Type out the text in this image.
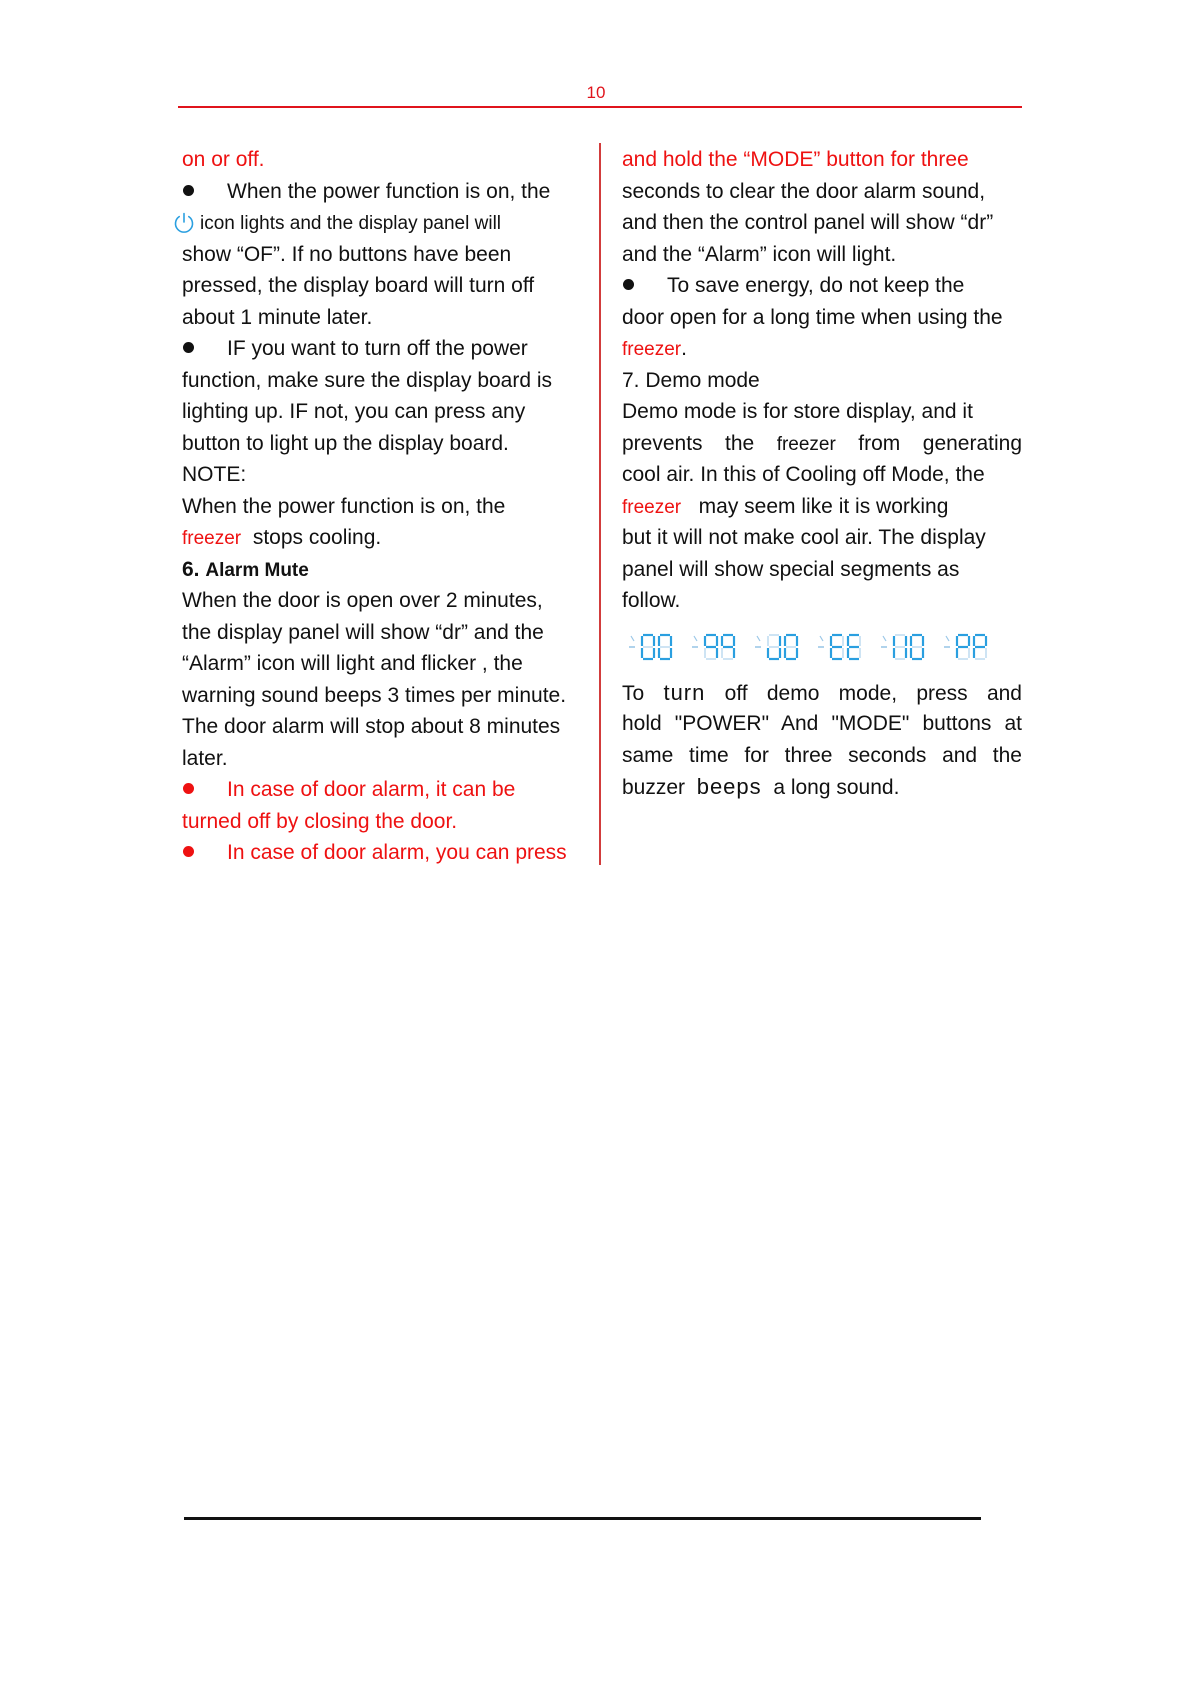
10
on or off.
When the power function is on, the
icon lights and the display panel will
show “OF”. If no buttons have been
pressed, the display board will turn off
about 1 minute later.
IF you want to turn off the power
function, make sure the display board is
lighting up. IF not, you can press any
button to light up the display board.
NOTE:
When the power function is on, the
freezer stops cooling.
6. Alarm Mute
When the door is open over 2 minutes,
the display panel will show “dr” and the
“Alarm” icon will light and flicker , the
warning sound beeps 3 times per minute.
The door alarm will stop about 8 minutes
later.
In case of door alarm, it can be
turned off by closing the door.
In case of door alarm, you can press
and hold the “MODE” button for three
seconds to clear the door alarm sound,
and then the control panel will show “dr”
and the “Alarm” icon will light.
To save energy, do not keep the
door open for a long time when using the
freezer.
7. Demo mode
Demo mode is for store display, and it
prevents the freezer from generating
cool air. In this of Cooling off Mode, the
freezer may seem like it is working
but it will not make cool air. The display
panel will show special segments as
follow.
To turn off demo mode, press and
hold "POWER" And "MODE" buttons at
same time for three seconds and the
buzzer beeps a long sound.
